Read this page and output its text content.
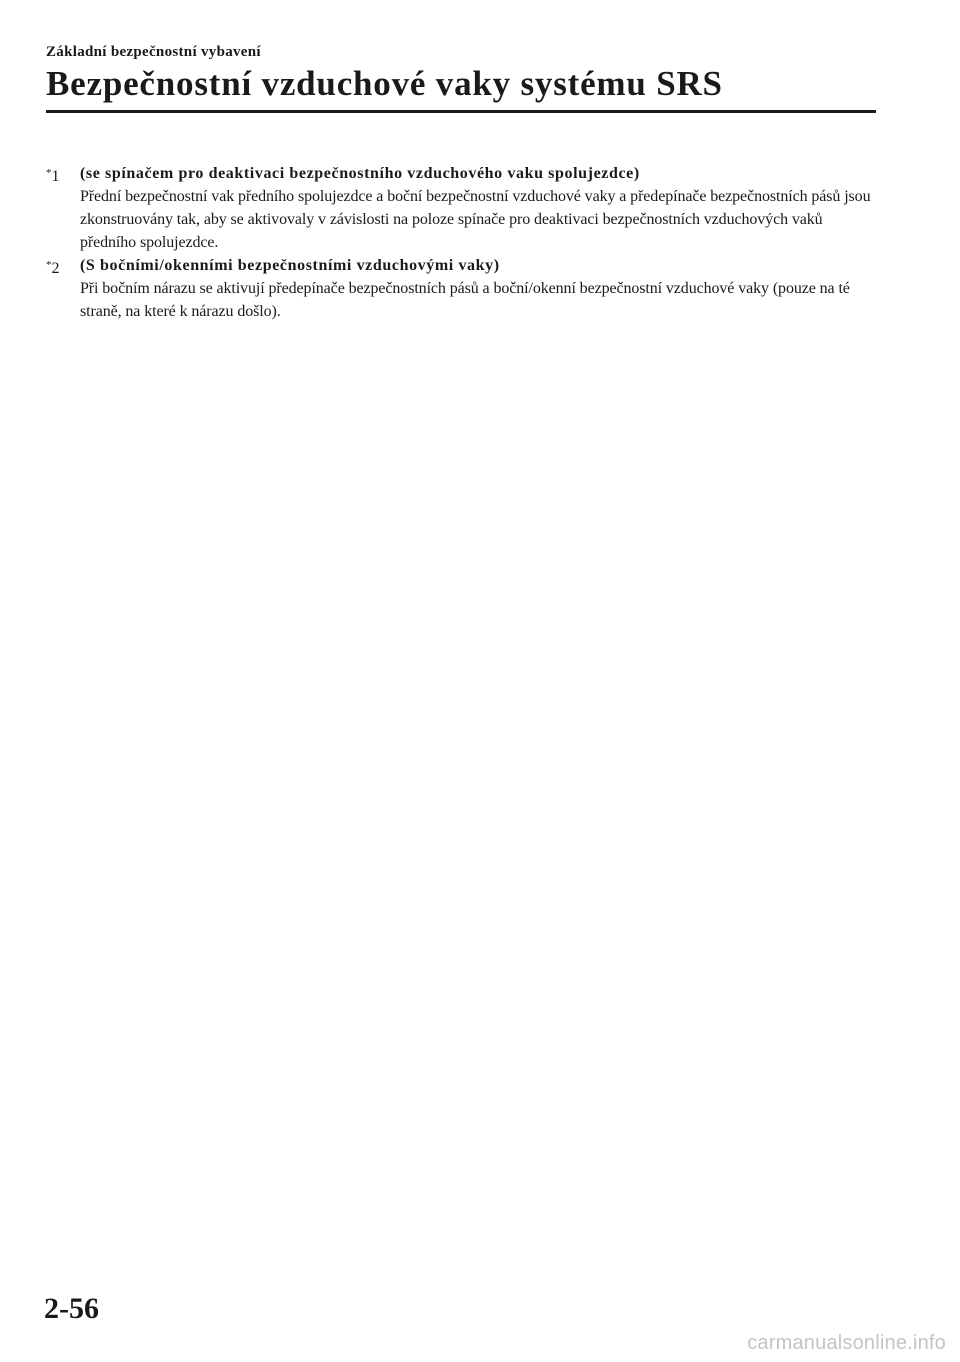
Základní bezpečnostní vybavení
Bezpečnostní vzduchové vaky systému SRS
*1 (se spínačem pro deaktivaci bezpečnostního vzduchového vaku spolujezdce)
Přední bezpečnostní vak předního spolujezdce a boční bezpečnostní vzduchové vaky a předepínače bezpečnostních pásů jsou zkonstruovány tak, aby se aktivovaly v závislosti na poloze spínače pro deaktivaci bezpečnostních vzduchových vaků předního spolujezdce.
*2 (S bočními/okenními bezpečnostními vzduchovými vaky)
Při bočním nárazu se aktivují předepínače bezpečnostních pásů a boční/okenní bezpečnostní vzduchové vaky (pouze na té straně, na které k nárazu došlo).
2-56
carmanualsonline.info
